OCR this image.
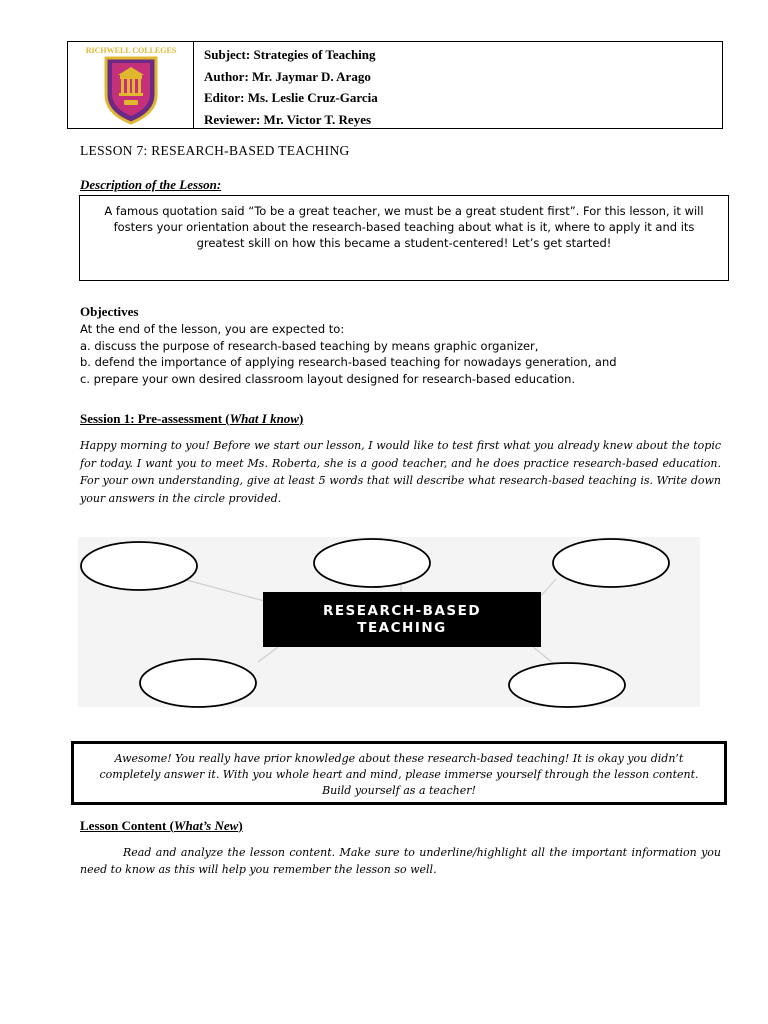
RICHWELL COLLEGES Subject: Strategies of Teaching
Author: Mr. Jaymar D. Arago
Editor: Ms. Leslie Cruz-Garcia
Reviewer: Mr. Victor T. Reyes
LESSON 7: RESEARCH-BASED TEACHING
Description of the Lesson:
A famous quotation said “To be a great teacher, we must be a great student first”. For this lesson, it will fosters your orientation about the research-based teaching about what is it, where to apply it and its greatest skill on how this became a student-centered! Let’s get started!
Objectives
At the end of the lesson, you are expected to:
a. discuss the purpose of research-based teaching by means graphic organizer,
b. defend the importance of applying research-based teaching for nowadays generation, and
c. prepare your own desired classroom layout designed for research-based education.
Session 1: Pre-assessment (What I know)
Happy morning to you! Before we start our lesson, I would like to test first what you already knew about the topic for today. I want you to meet Ms. Roberta, she is a good teacher, and he does practice research-based education. For your own understanding, give at least 5 words that will describe what research-based teaching is. Write down your answers in the circle provided.
RESEARCH-BASED
TEACHING
Awesome! You really have prior knowledge about these research-based teaching! It is okay you didn’t completely answer it. With you whole heart and mind, please immerse yourself through the lesson content. Build yourself as a teacher!
Lesson Content (What’s New)
Read and analyze the lesson content. Make sure to underline/highlight all the important information you need to know as this will help you remember the lesson so well.
